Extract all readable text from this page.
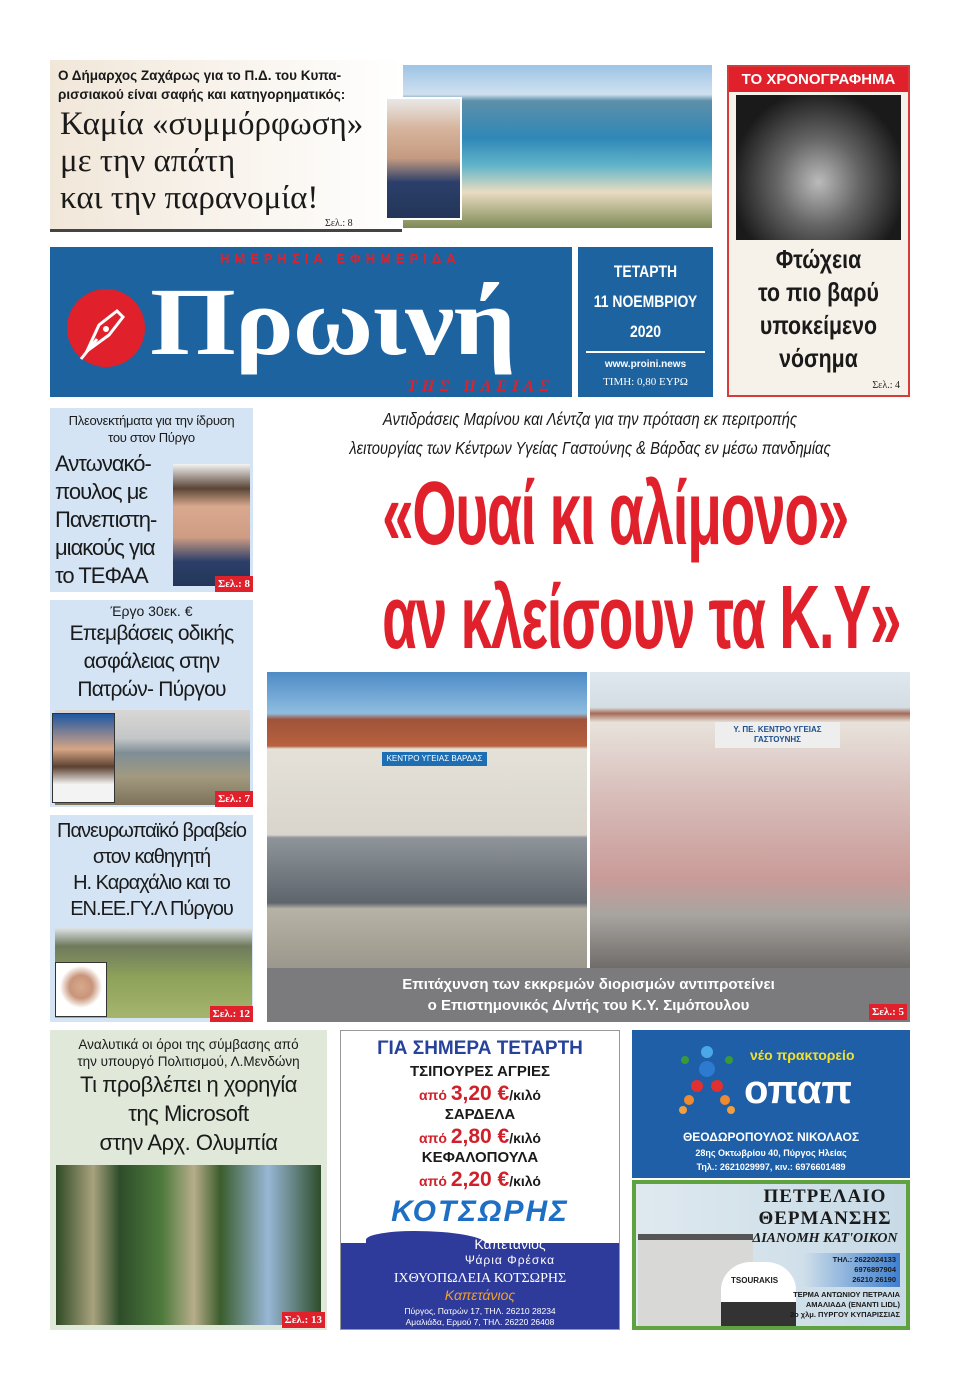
Ο Δήμαρχος Ζαχάρως για το Π.Δ. του Κυπα-
ρισσιακού είναι σαφής και κατηγορηματικός:
Καμία «συμμόρφωση»
με την απάτη
και την παρανομία!
Σελ.: 8
ΤΟ ΧΡΟΝΟΓΡΑΦΗΜΑ
Φτώχεια
το πιο βαρύ
υποκείμενο
νόσημα
Σελ.: 4
ΗΜΕΡΗΣΙΑ ΕΦΗΜΕΡΙΔΑ
Πρωινή
ΤΗΣ ΗΛΕΙΑΣ
ΤΕΤΑΡΤΗ
11 ΝΟΕΜΒΡΙΟΥ
2020
www.proini.news
ΤΙΜΗ: 0,80 ΕΥΡΩ
Αντιδράσεις Μαρίνου και Λέντζα για την πρόταση εκ περιτροπής
λειτουργίας των Κέντρων Υγείας Γαστούνης & Βάρδας εν μέσω πανδημίας
«Ουαί κι αλίμονο»
αν κλείσουν τα Κ.Υ»
ΚΕΝΤΡΟ ΥΓΕΙΑΣ ΒΑΡΔΑΣ
Υ. ΠΕ. ΚΕΝΤΡΟ ΥΓΕΙΑΣ ΓΑΣΤΟΥΝΗΣ
Επιτάχυνση των εκκρεμών διορισμών αντιπροτείνει
ο Επιστημονικός Δ/ντής του Κ.Υ. Σιμόπουλου	Σελ.: 5
Πλεονεκτήματα για την ίδρυση του στον Πύργο
Αντωνακό-
πουλος με
Πανεπιστη-
μιακούς για
το ΤΕΦΑΑ	Σελ.: 8
Έργο 30εκ. €
Επεμβάσεις οδικής
ασφάλειας στην
Πατρών- Πύργου
Σελ.: 7
Πανευρωπαϊκό βραβείο
στον καθηγητή
Η. Καραχάλιο και το
ΕΝ.ΕΕ.ΓΥ.Λ Πύργου
Σελ.: 12
Αναλυτικά οι όροι της σύμβασης από
την υπουργό Πολιτισμού, Λ.Μενδώνη
Τι προβλέπει η χορηγία
της Microsoft
στην Αρχ. Ολυμπία
Σελ.: 13
ΓΙΑ ΣΗΜΕΡΑ ΤΕΤΑΡΤΗ
ΤΣΙΠΟΥΡΕΣ ΑΓΡΙΕΣ
από 3,20 €/κιλό
ΣΑΡΔΕΛΑ
από 2,80 €/κιλό
ΚΕΦΑΛΟΠΟΥΛΑ
από 2,20 €/κιλό
ΚΟΤΣΩΡΗΣ
Καπετάνιος
Ψάρια Φρέσκα
ΙΧΘΥΟΠΩΛΕΙΑ ΚΟΤΣΩΡΗΣ
Καπετάνιος
Πύργος, Πατρών 17, ΤΗΛ. 26210 28234
Αμαλιάδα, Ερμού 7, ΤΗΛ. 26220 26408
νέο πρακτορείο
οπαπ
ΘΕΟΔΩΡΟΠΟΥΛΟΣ ΝΙΚΟΛΑΟΣ
28ης Οκτωβρίου 40, Πύργος Ηλείας
Τηλ.: 2621029997, κιν.: 6976601489
TSOURAKIS
ΠΕΤΡΕΛΑΙΟ
ΘΕΡΜΑΝΣΗΣ
ΔΙΑΝΟΜΗ ΚΑΤ'ΟΙΚΟΝ
ΤΗΛ.: 2622024133
6976897904
26210 26190
ΤΕΡΜΑ ΑΝΤΩΝΙΟΥ ΠΕΤΡΑΛΙΑ
ΑΜΑΛΙΑΔΑ (ΕΝΑΝΤΙ LIDL)
2ο χλμ. ΠΥΡΓΟΥ ΚΥΠΑΡΙΣΣΙΑΣ
